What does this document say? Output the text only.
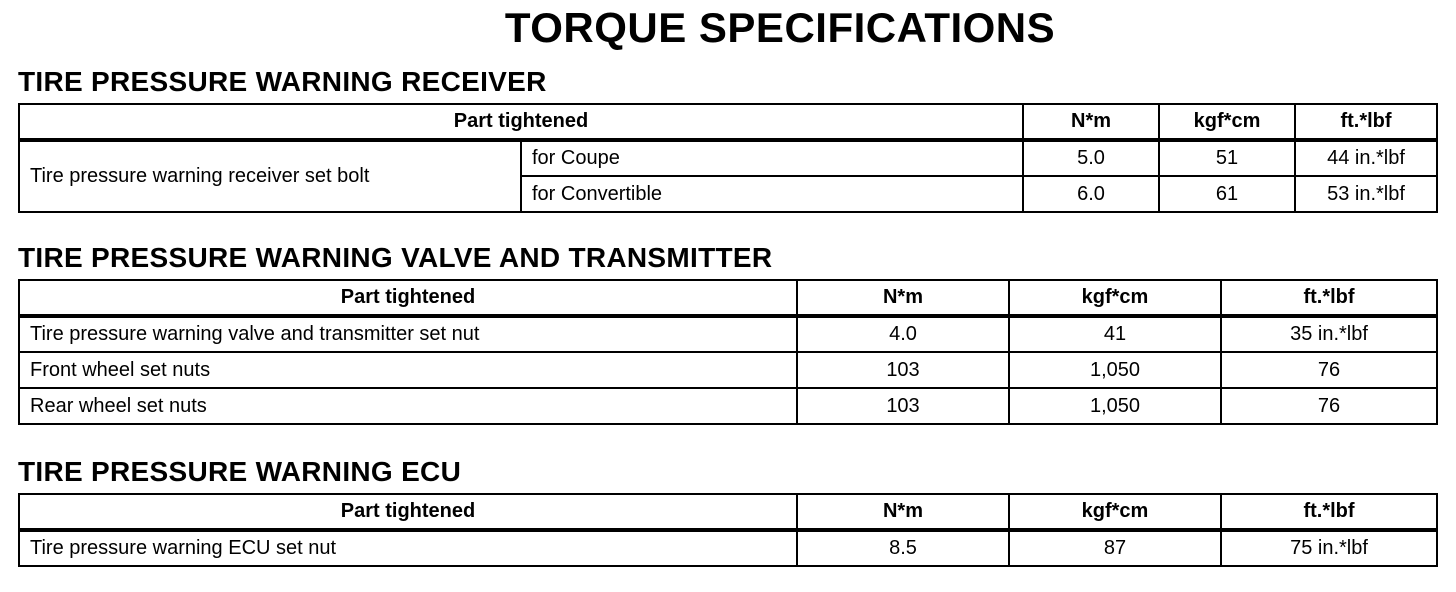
TORQUE SPECIFICATIONS
TIRE PRESSURE WARNING RECEIVER
Part tightened		N*m	kgf*cm	ft.*lbf
Tire pressure warning receiver set bolt	for Coupe	5.0	51	44 in.*lbf
	for Convertible	6.0	61	53 in.*lbf
TIRE PRESSURE WARNING VALVE AND TRANSMITTER
Part tightened	N*m	kgf*cm	ft.*lbf
Tire pressure warning valve and transmitter set nut	4.0	41	35 in.*lbf
Front wheel set nuts	103	1,050	76
Rear wheel set nuts	103	1,050	76
TIRE PRESSURE WARNING ECU
Part tightened	N*m	kgf*cm	ft.*lbf
Tire pressure warning ECU set nut	8.5	87	75 in.*lbf
